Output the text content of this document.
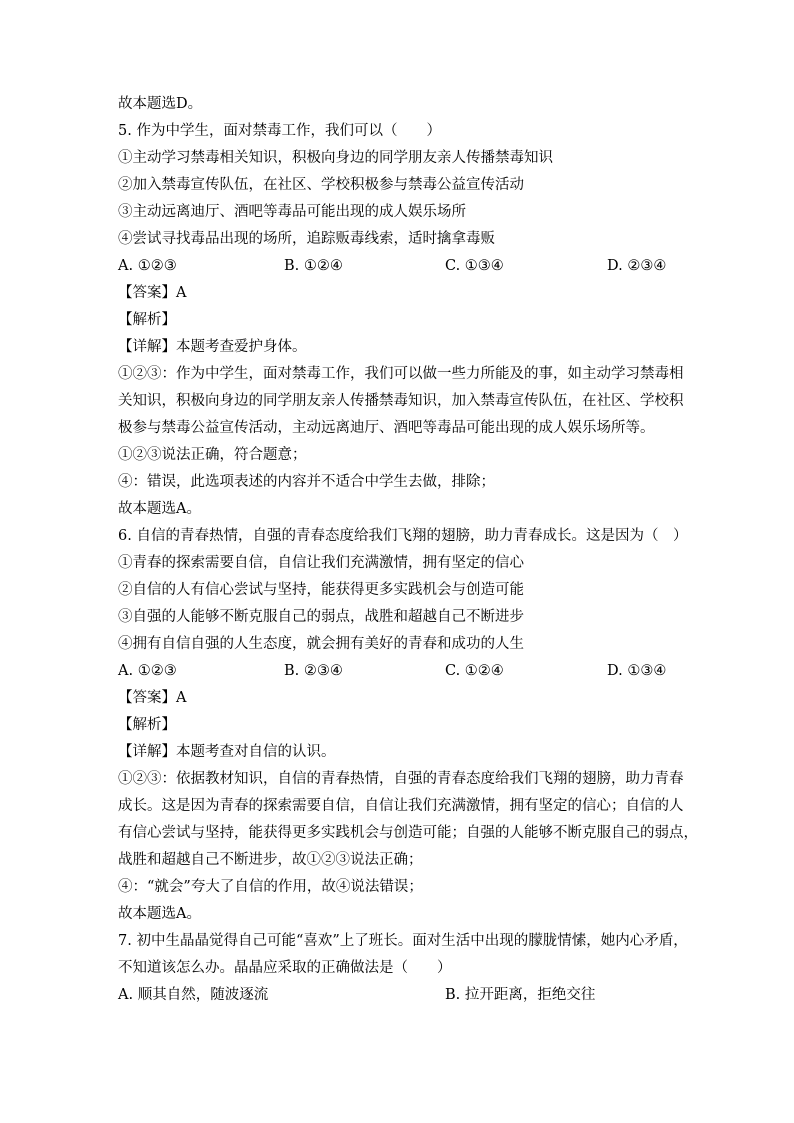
故本题选D。
5. 作为中学生，面对禁毒工作，我们可以（　　）
①主动学习禁毒相关知识，积极向身边的同学朋友亲人传播禁毒知识
②加入禁毒宣传队伍，在社区、学校积极参与禁毒公益宣传活动
③主动远离迪厅、酒吧等毒品可能出现的成人娱乐场所
④尝试寻找毒品出现的场所，追踪贩毒线索，适时擒拿毒贩
A. ①②③	B. ①②④	C. ①③④	D. ②③④
【答案】A
【解析】
【详解】本题考查爱护身体。
①②③：作为中学生，面对禁毒工作，我们可以做一些力所能及的事，如主动学习禁毒相
关知识，积极向身边的同学朋友亲人传播禁毒知识，加入禁毒宣传队伍，在社区、学校积
极参与禁毒公益宣传活动，主动远离迪厅、酒吧等毒品可能出现的成人娱乐场所等。
①②③说法正确，符合题意；
④：错误，此选项表述的内容并不适合中学生去做，排除；
故本题选A。
6. 自信的青春热情，自强的青春态度给我们飞翔的翅膀，助力青春成长。这是因为（　）
①青春的探索需要自信，自信让我们充满激情，拥有坚定的信心
②自信的人有信心尝试与坚持，能获得更多实践机会与创造可能
③自强的人能够不断克服自己的弱点，战胜和超越自己不断进步
④拥有自信自强的人生态度，就会拥有美好的青春和成功的人生
A. ①②③	B. ②③④	C. ①②④	D. ①③④
【答案】A
【解析】
【详解】本题考查对自信的认识。
①②③：依据教材知识，自信的青春热情，自强的青春态度给我们飞翔的翅膀，助力青春
成长。这是因为青春的探索需要自信，自信让我们充满激情，拥有坚定的信心；自信的人
有信心尝试与坚持，能获得更多实践机会与创造可能；自强的人能够不断克服自己的弱点，
战胜和超越自己不断进步，故①②③说法正确；
④：“就会”夸大了自信的作用，故④说法错误；
故本题选A。
7. 初中生晶晶觉得自己可能“喜欢”上了班长。面对生活中出现的朦胧情愫，她内心矛盾，
不知道该怎么办。晶晶应采取的正确做法是（　　）
A. 顺其自然，随波逐流	B. 拉开距离，拒绝交往
